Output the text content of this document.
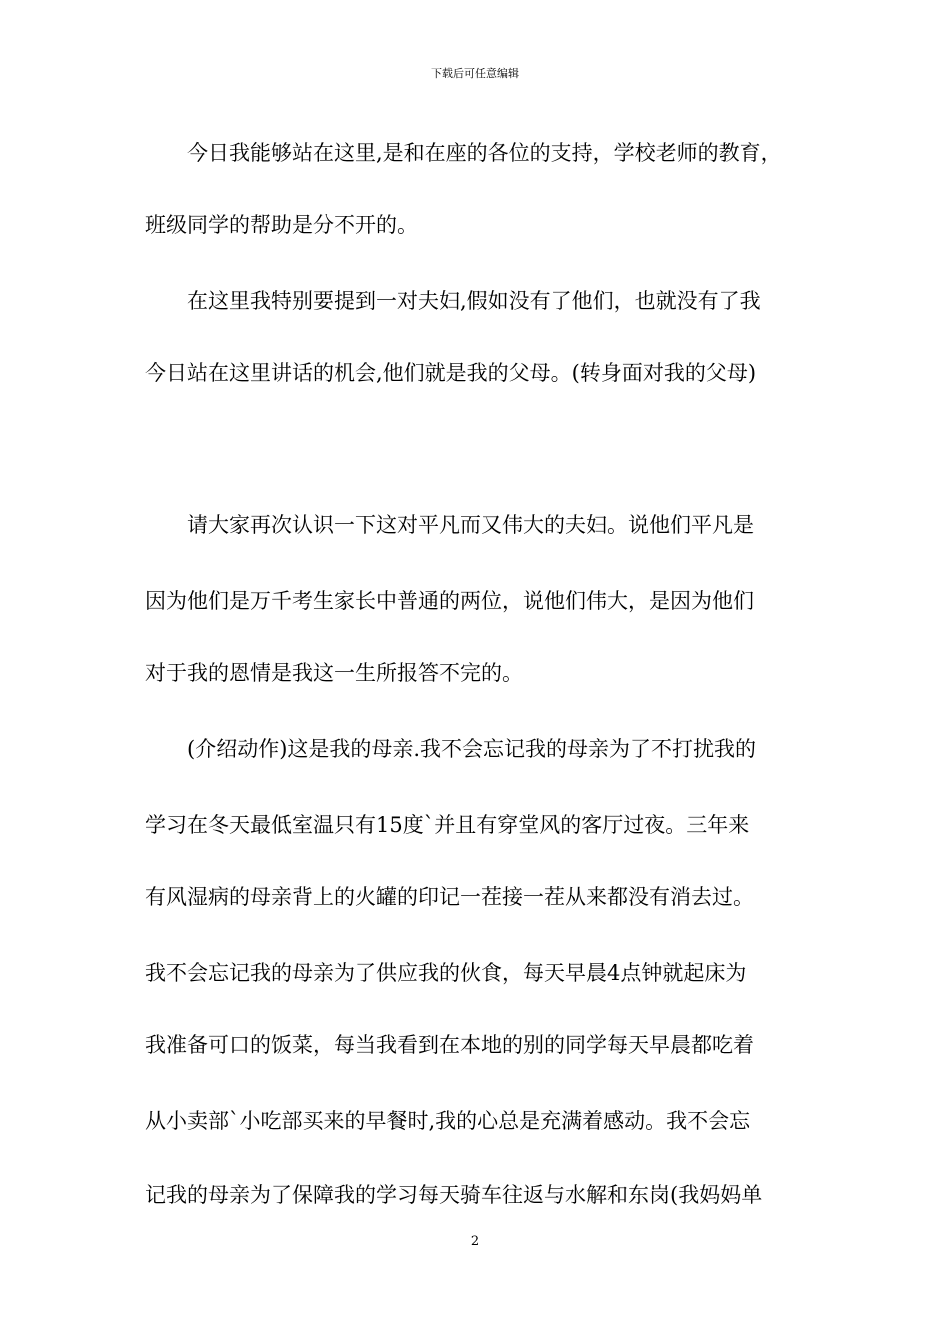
下载后可任意编辑
　　今日我能够站在这里,是和在座的各位的支持，学校老师的教育，
班级同学的帮助是分不开的。
　　在这里我特别要提到一对夫妇,假如没有了他们，也就没有了我
今日站在这里讲话的机会,他们就是我的父母。(转身面对我的父母)
　　请大家再次认识一下这对平凡而又伟大的夫妇。说他们平凡是
因为他们是万千考生家长中普通的两位，说他们伟大，是因为他们
对于我的恩情是我这一生所报答不完的。
　　(介绍动作)这是我的母亲.我不会忘记我的母亲为了不打扰我的
学习在冬天最低室温只有15度`并且有穿堂风的客厅过夜。三年来
有风湿病的母亲背上的火罐的印记一茬接一茬从来都没有消去过。
我不会忘记我的母亲为了供应我的伙食，每天早晨4点钟就起床为
我准备可口的饭菜，每当我看到在本地的别的同学每天早晨都吃着
从小卖部`小吃部买来的早餐时,我的心总是充满着感动。我不会忘
记我的母亲为了保障我的学习每天骑车往返与水解和东岗(我妈妈单
2
